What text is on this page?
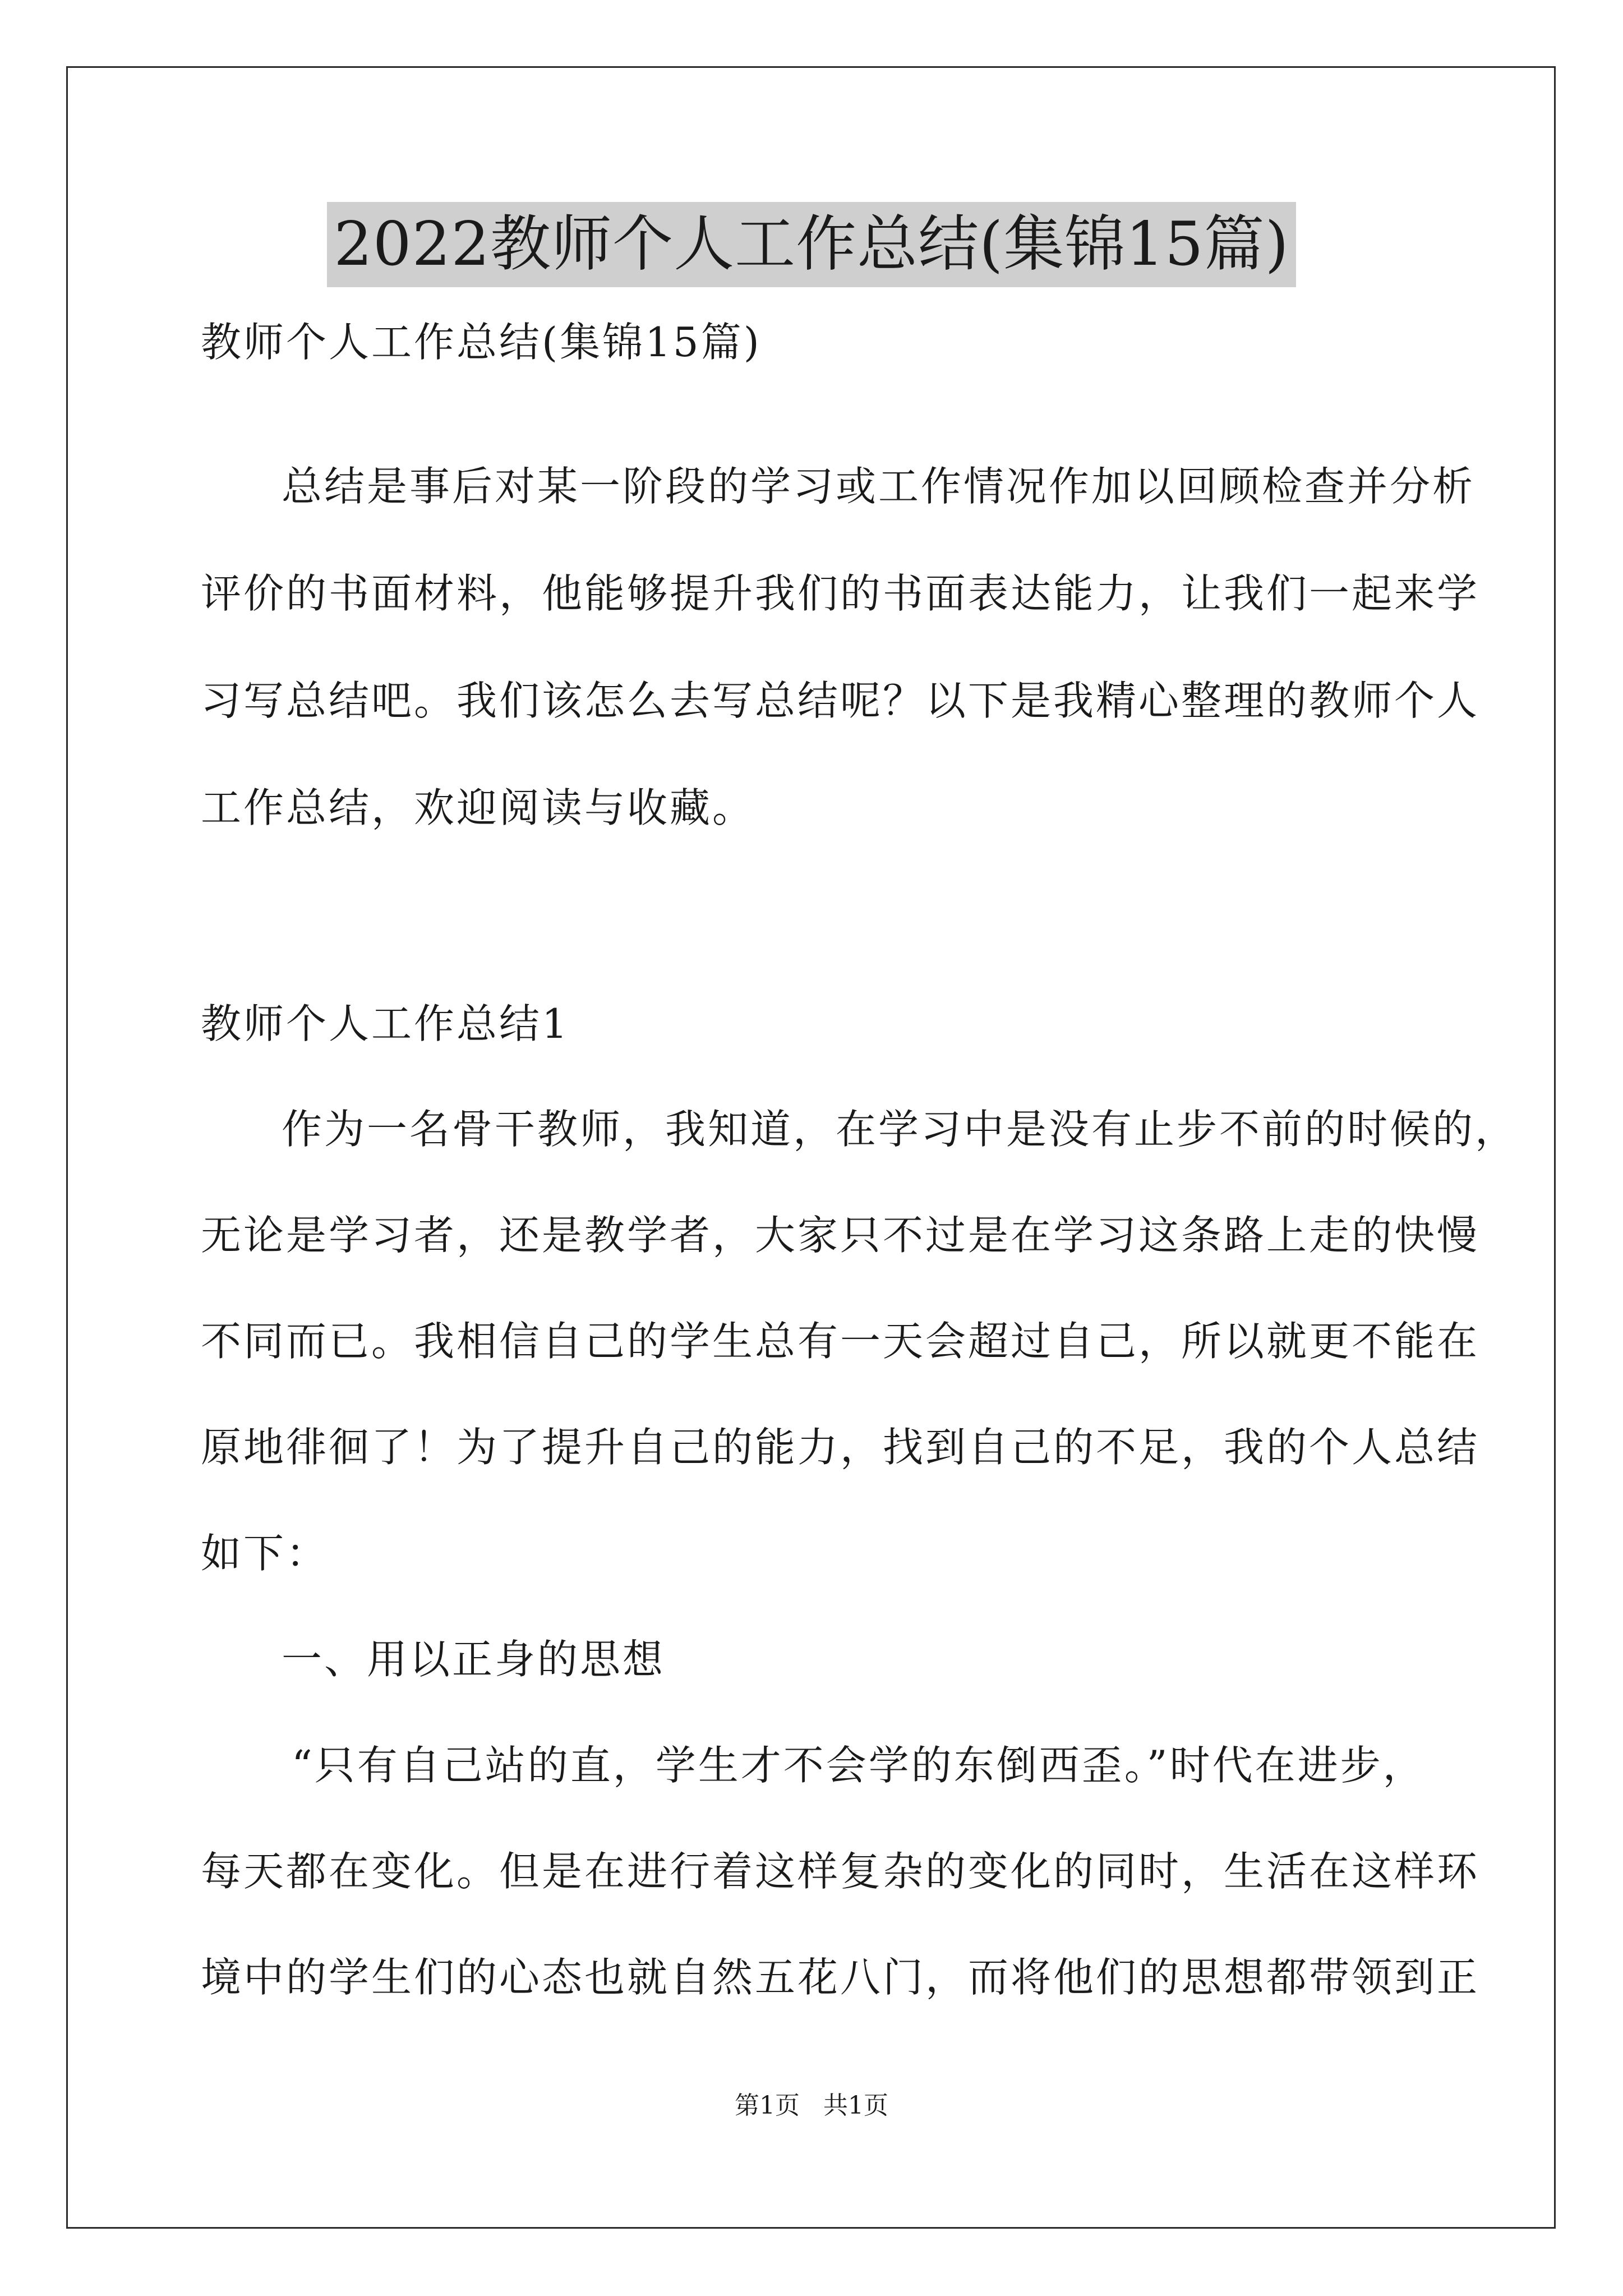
2022教师个人工作总结(集锦15篇)
教师个人工作总结(集锦15篇)
总结是事后对某一阶段的学习或工作情况作加以回顾检查并分析
评价的书面材料，他能够提升我们的书面表达能力，让我们一起来学
习写总结吧。我们该怎么去写总结呢？以下是我精心整理的教师个人
工作总结，欢迎阅读与收藏。
教师个人工作总结1
作为一名骨干教师，我知道，在学习中是没有止步不前的时候的，
无论是学习者，还是教学者，大家只不过是在学习这条路上走的快慢
不同而已。我相信自己的学生总有一天会超过自己，所以就更不能在
原地徘徊了！为了提升自己的能力，找到自己的不足，我的个人总结
如下：
一、用以正身的思想
“只有自己站的直，学生才不会学的东倒西歪。”时代在进步，
每天都在变化。但是在进行着这样复杂的变化的同时，生活在这样环
境中的学生们的心态也就自然五花八门，而将他们的思想都带领到正
第1页 共1页
